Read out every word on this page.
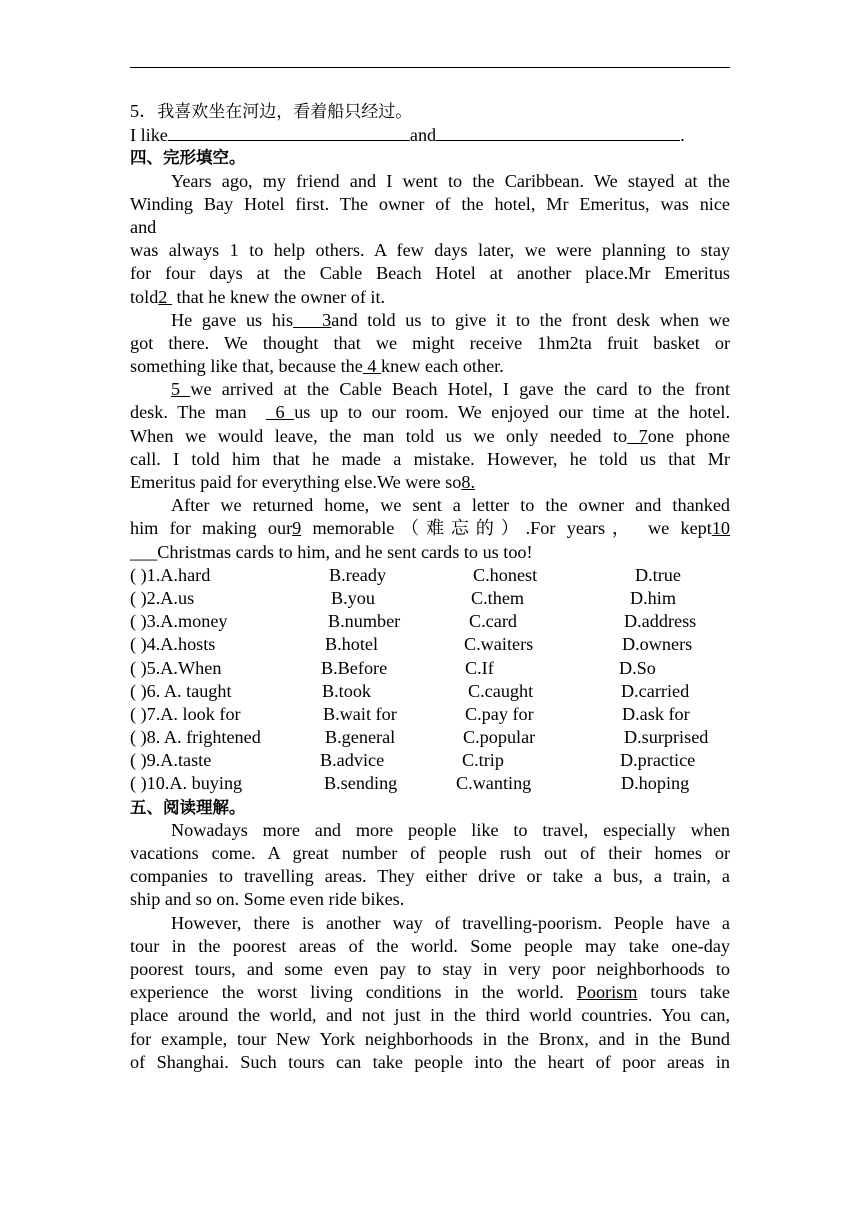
5．我喜欢坐在河边，看着船只经过。
I like	and	.
四、完形填空。
Years ago, my friend and I went to the Caribbean. We stayed at the
Winding Bay Hotel first. The owner of the hotel, Mr Emeritus, was nice
and
was always 1 to help others. A few days later, we were planning to stay
for four days at the Cable Beach Hotel at another place.Mr Emeritus
told2  that he knew the owner of it.
He gave us his   3and told us to give it to the front desk when we
got there. We thought that we might receive 1hm2ta fruit basket or
something like that, because the 4 knew each other.
5 we arrived at the Cable Beach Hotel, I gave the card to the front
desk. The man   6 us up to our room. We enjoyed our time at the hotel.
When we would leave, the man told us we only needed to 7one phone
call. I told him that he made a mistake. However, he told us that Mr
Emeritus paid for everything else.We were so8.
After we returned home, we sent a letter to the owner and thanked
him for making our9 memorable（难忘的）.For years， we kept10
___Christmas cards to him, and he sent cards to us too!
( )1.A.hard	B.ready	C.honest	D.true
( )2.A.us	B.you	C.them	D.him
( )3.A.money	B.number	C.card	D.address
( )4.A.hosts	B.hotel	C.waiters	D.owners
( )5.A.When	B.Before	C.If	D.So
( )6. A. taught	B.took	C.caught	D.carried
( )7.A. look for	B.wait for	C.pay for	D.ask for
( )8. A. frightened	B.general	C.popular	D.surprised
( )9.A.taste	B.advice	C.trip	D.practice
( )10.A. buying	B.sending	C.wanting	D.hoping
五、阅读理解。
Nowadays more and more people like to travel, especially when
vacations come. A great number of people rush out of their homes or
companies to travelling areas. They either drive or take a bus, a train, a
ship and so on. Some even ride bikes.
However, there is another way of travelling-poorism. People have a
tour in the poorest areas of the world. Some people may take one-day
poorest tours, and some even pay to stay in very poor neighborhoods to
experience the worst living conditions in the world. Poorism tours take
place around the world, and not just in the third world countries. You can,
for example, tour New York neighborhoods in the Bronx, and in the Bund
of Shanghai. Such tours can take people into the heart of poor areas in
